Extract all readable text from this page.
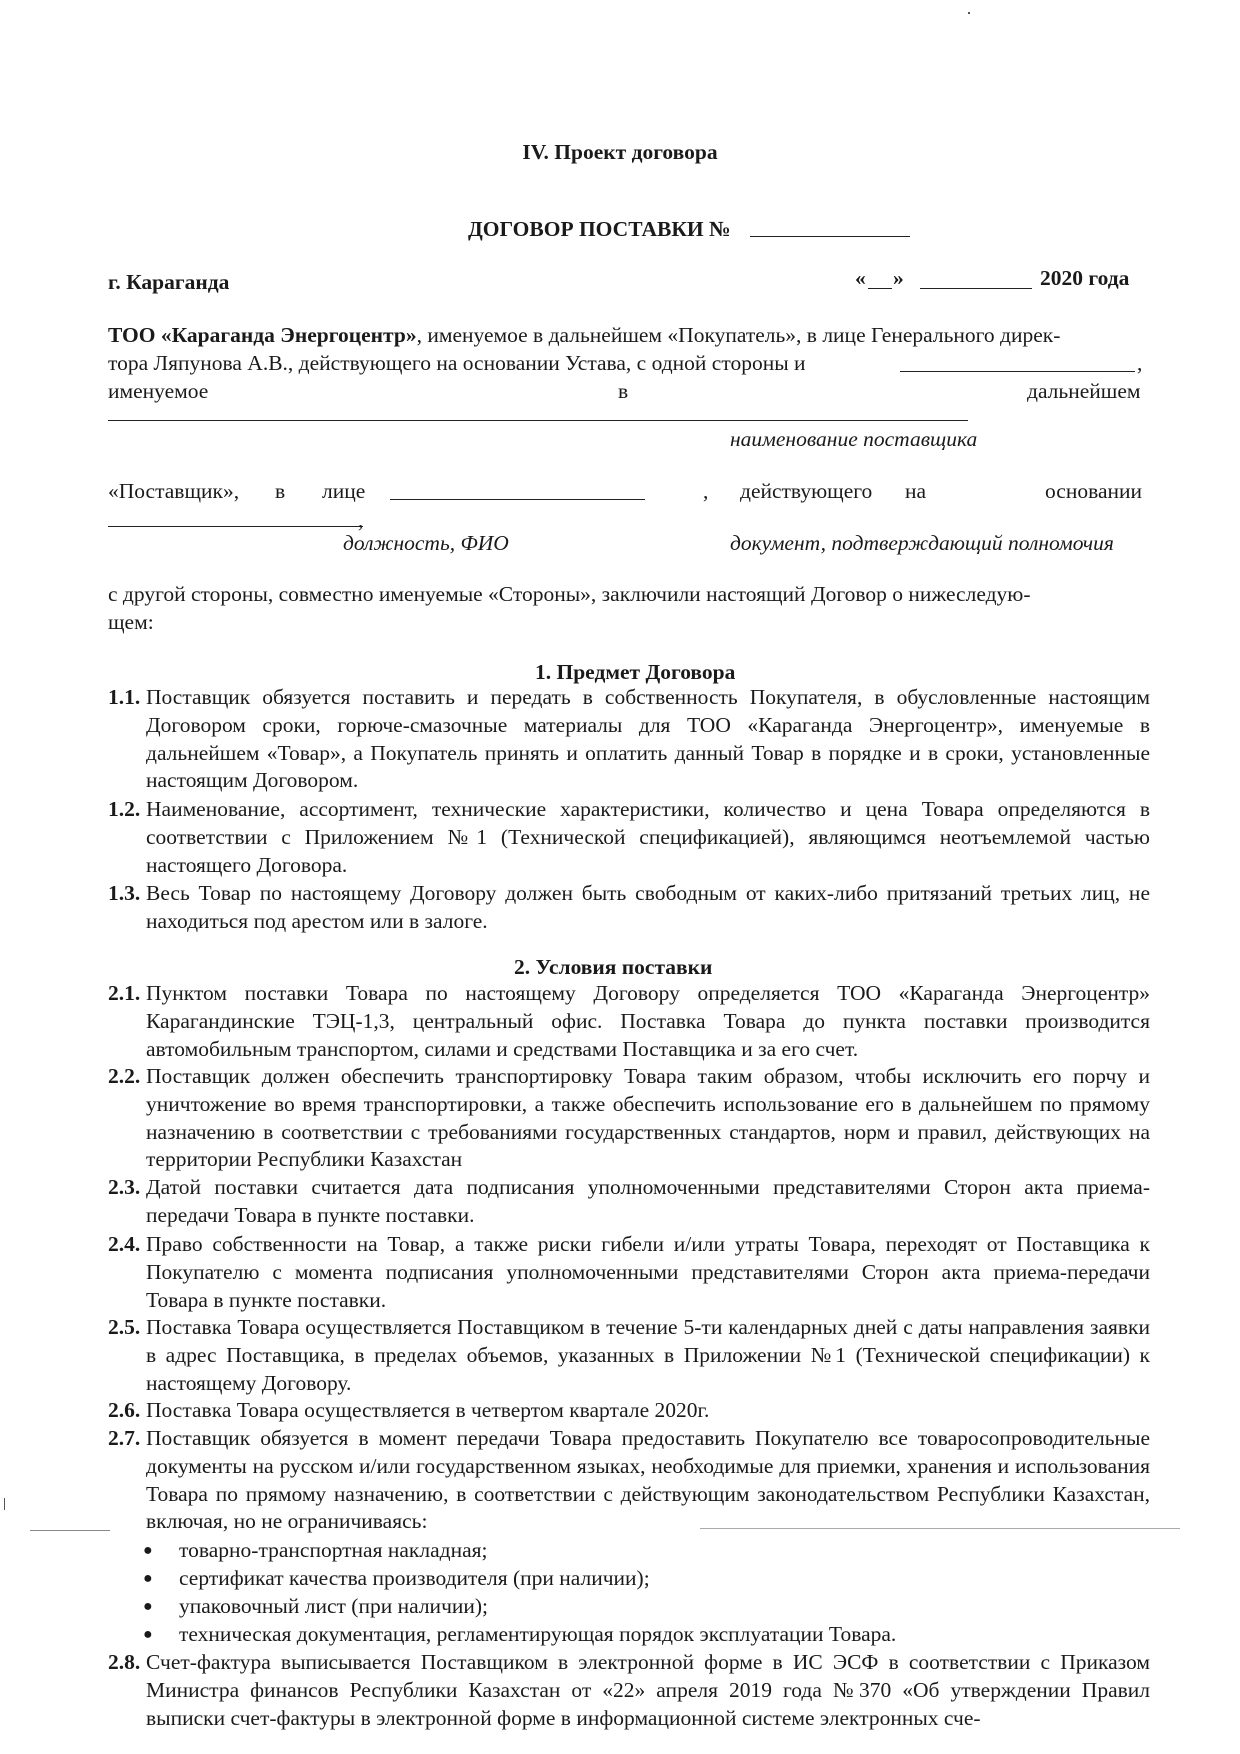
IV. Проект договора
ДОГОВОР ПОСТАВКИ №
г. Караганда	« »	2020 года
ТОО «Караганда Энергоцентр», именуемое в дальнейшем «Покупатель», в лице Генерального дирек-
тора Ляпунова А.В., действующего на основании Устава, с одной стороны и	,
именуемое	в	дальнейшем
наименование поставщика
«Поставщик», в лице	, действующего на	основании
,
должность, ФИО	документ, подтверждающий полномочия
с другой стороны, совместно именуемые «Стороны», заключили настоящий Договор о нижеследую-
щем:
1. Предмет Договора
1.1. Поставщик обязуется поставить и передать в собственность Покупателя, в обусловленные настоящим Договором сроки, горюче-смазочные материалы для ТОО «Караганда Энергоцентр», именуемые в дальнейшем «Товар», а Покупатель принять и оплатить данный Товар в порядке и в сроки, установленные настоящим Договором.
1.2. Наименование, ассортимент, технические характеристики, количество и цена Товара определяются в соответствии с Приложением №1 (Технической спецификацией), являющимся неотъемлемой частью настоящего Договора.
1.3. Весь Товар по настоящему Договору должен быть свободным от каких-либо притязаний третьих лиц, не находиться под арестом или в залоге.
2. Условия поставки
2.1. Пунктом поставки Товара по настоящему Договору определяется ТОО «Караганда Энергоцентр» Карагандинские ТЭЦ-1,3, центральный офис. Поставка Товара до пункта поставки производится автомобильным транспортом, силами и средствами Поставщика и за его счет.
2.2. Поставщик должен обеспечить транспортировку Товара таким образом, чтобы исключить его порчу и уничтожение во время транспортировки, а также обеспечить использование его в дальнейшем по прямому назначению в соответствии с требованиями государственных стандартов, норм и правил, действующих на территории Республики Казахстан
2.3. Датой поставки считается дата подписания уполномоченными представителями Сторон акта приема-передачи Товара в пункте поставки.
2.4. Право собственности на Товар, а также риски гибели и/или утраты Товара, переходят от Поставщика к Покупателю с момента подписания уполномоченными представителями Сторон акта приема-передачи Товара в пункте поставки.
2.5. Поставка Товара осуществляется Поставщиком в течение 5-ти календарных дней с даты направления заявки в адрес Поставщика, в пределах объемов, указанных в Приложении №1 (Технической спецификации) к настоящему Договору.
2.6. Поставка Товара осуществляется в четвертом квартале 2020г.
2.7. Поставщик обязуется в момент передачи Товара предоставить Покупателю все товаросопроводительные документы на русском и/или государственном языках, необходимые для приемки, хранения и использования Товара по прямому назначению, в соответствии с действующим законодательством Республики Казахстан, включая, но не ограничиваясь:
● товарно-транспортная накладная;
● сертификат качества производителя (при наличии);
● упаковочный лист (при наличии);
● техническая документация, регламентирующая порядок эксплуатации Товара.
2.8. Счет-фактура выписывается Поставщиком в электронной форме в ИС ЭСФ в соответствии с Приказом Министра финансов Республики Казахстан от «22» апреля 2019 года №370 «Об утверждении Правил выписки счет-фактуры в электронной форме в информационной системе электронных сче-
